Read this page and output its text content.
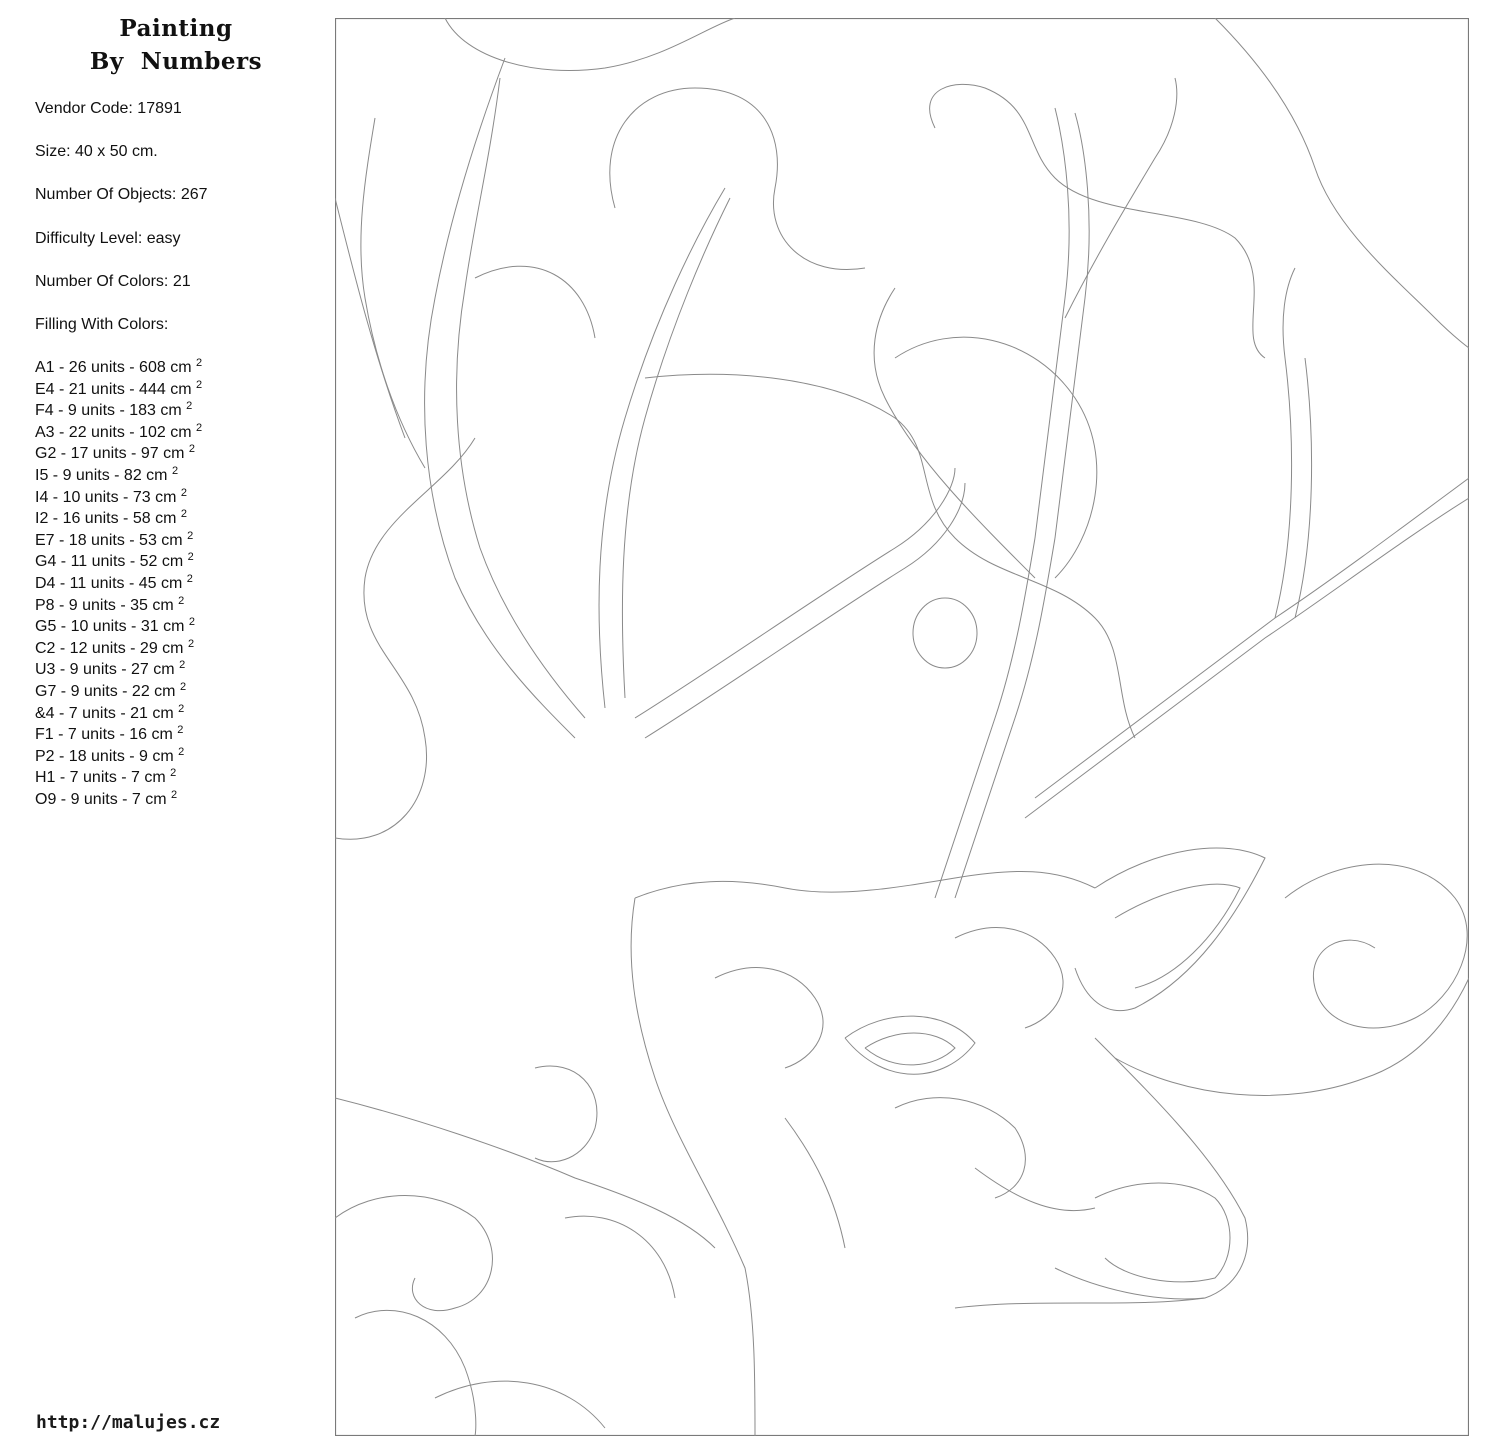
Painting
By  Numbers
Vendor Code: 17891
Size: 40 x 50 cm.
Number Of Objects: 267
Difficulty Level: easy
Number Of Colors: 21
Filling With Colors:
A1 - 26 units - 608 cm $^2$
E4 - 21 units - 444 cm $^2$
F4 - 9 units - 183 cm $^2$
A3 - 22 units - 102 cm $^2$
G2 - 17 units - 97 cm $^2$
I5 - 9 units - 82 cm $^2$
I4 - 10 units - 73 cm $^2$
I2 - 16 units - 58 cm $^2$
E7 - 18 units - 53 cm $^2$
G4 - 11 units - 52 cm $^2$
D4 - 11 units - 45 cm $^2$
P8 - 9 units - 35 cm $^2$
G5 - 10 units - 31 cm $^2$
C2 - 12 units - 29 cm $^2$
U3 - 9 units - 27 cm $^2$
G7 - 9 units - 22 cm $^2$
&4 - 7 units - 21 cm $^2$
F1 - 7 units - 16 cm $^2$
P2 - 18 units - 9 cm $^2$
H1 - 7 units - 7 cm $^2$
O9 - 9 units - 7 cm $^2$
http://malujes.cz
